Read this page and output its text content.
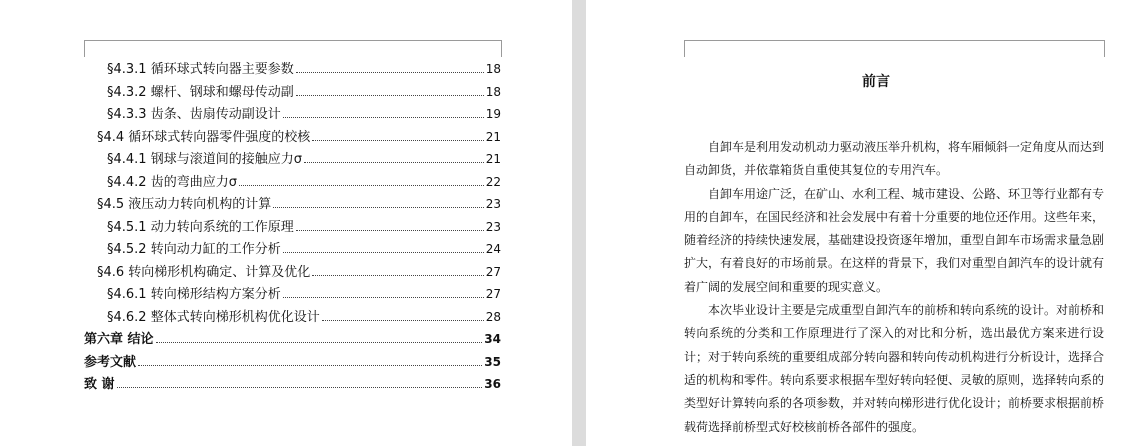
§4.3.1 循环球式转向器主要参数	18
§4.3.2 螺杆、钢球和螺母传动副	18
§4.3.3 齿条、齿扇传动副设计	19
§4.4 循环球式转向器零件强度的校核	21
§4.4.1 钢球与滚道间的接触应力σ	21
§4.4.2 齿的弯曲应力σ	22
§4.5 液压动力转向机构的计算	23
§4.5.1 动力转向系统的工作原理	23
§4.5.2 转向动力缸的工作分析	24
§4.6 转向梯形机构确定、计算及优化	27
§4.6.1 转向梯形结构方案分析	27
§4.6.2 整体式转向梯形机构优化设计	28
第六章 结论	34
参考文献	35
致 谢	36
前言

自卸车是利用发动机动力驱动液压举升机构，将车厢倾斜一定角度从而达到自动卸货，并依靠箱货自重使其复位的专用汽车。

自卸车用途广泛，在矿山、水利工程、城市建设、公路、环卫等行业都有专用的自卸车，在国民经济和社会发展中有着十分重要的地位还作用。这些年来，随着经济的持续快速发展，基础建设投资逐年增加，重型自卸车市场需求量急剧扩大，有着良好的市场前景。在这样的背景下，我们对重型自卸汽车的设计就有着广阔的发展空间和重要的现实意义。

本次毕业设计主要是完成重型自卸汽车的前桥和转向系统的设计。对前桥和转向系统的分类和工作原理进行了深入的对比和分析，选出最优方案来进行设计；对于转向系统的重要组成部分转向器和转向传动机构进行分析设计，选择合适的机构和零件。转向系要求根据车型好转向轻便、灵敏的原则，选择转向系的类型好计算转向系的各项参数，并对转向梯形进行优化设计；前桥要求根据前桥载荷选择前桥型式好校核前桥各部件的强度。
